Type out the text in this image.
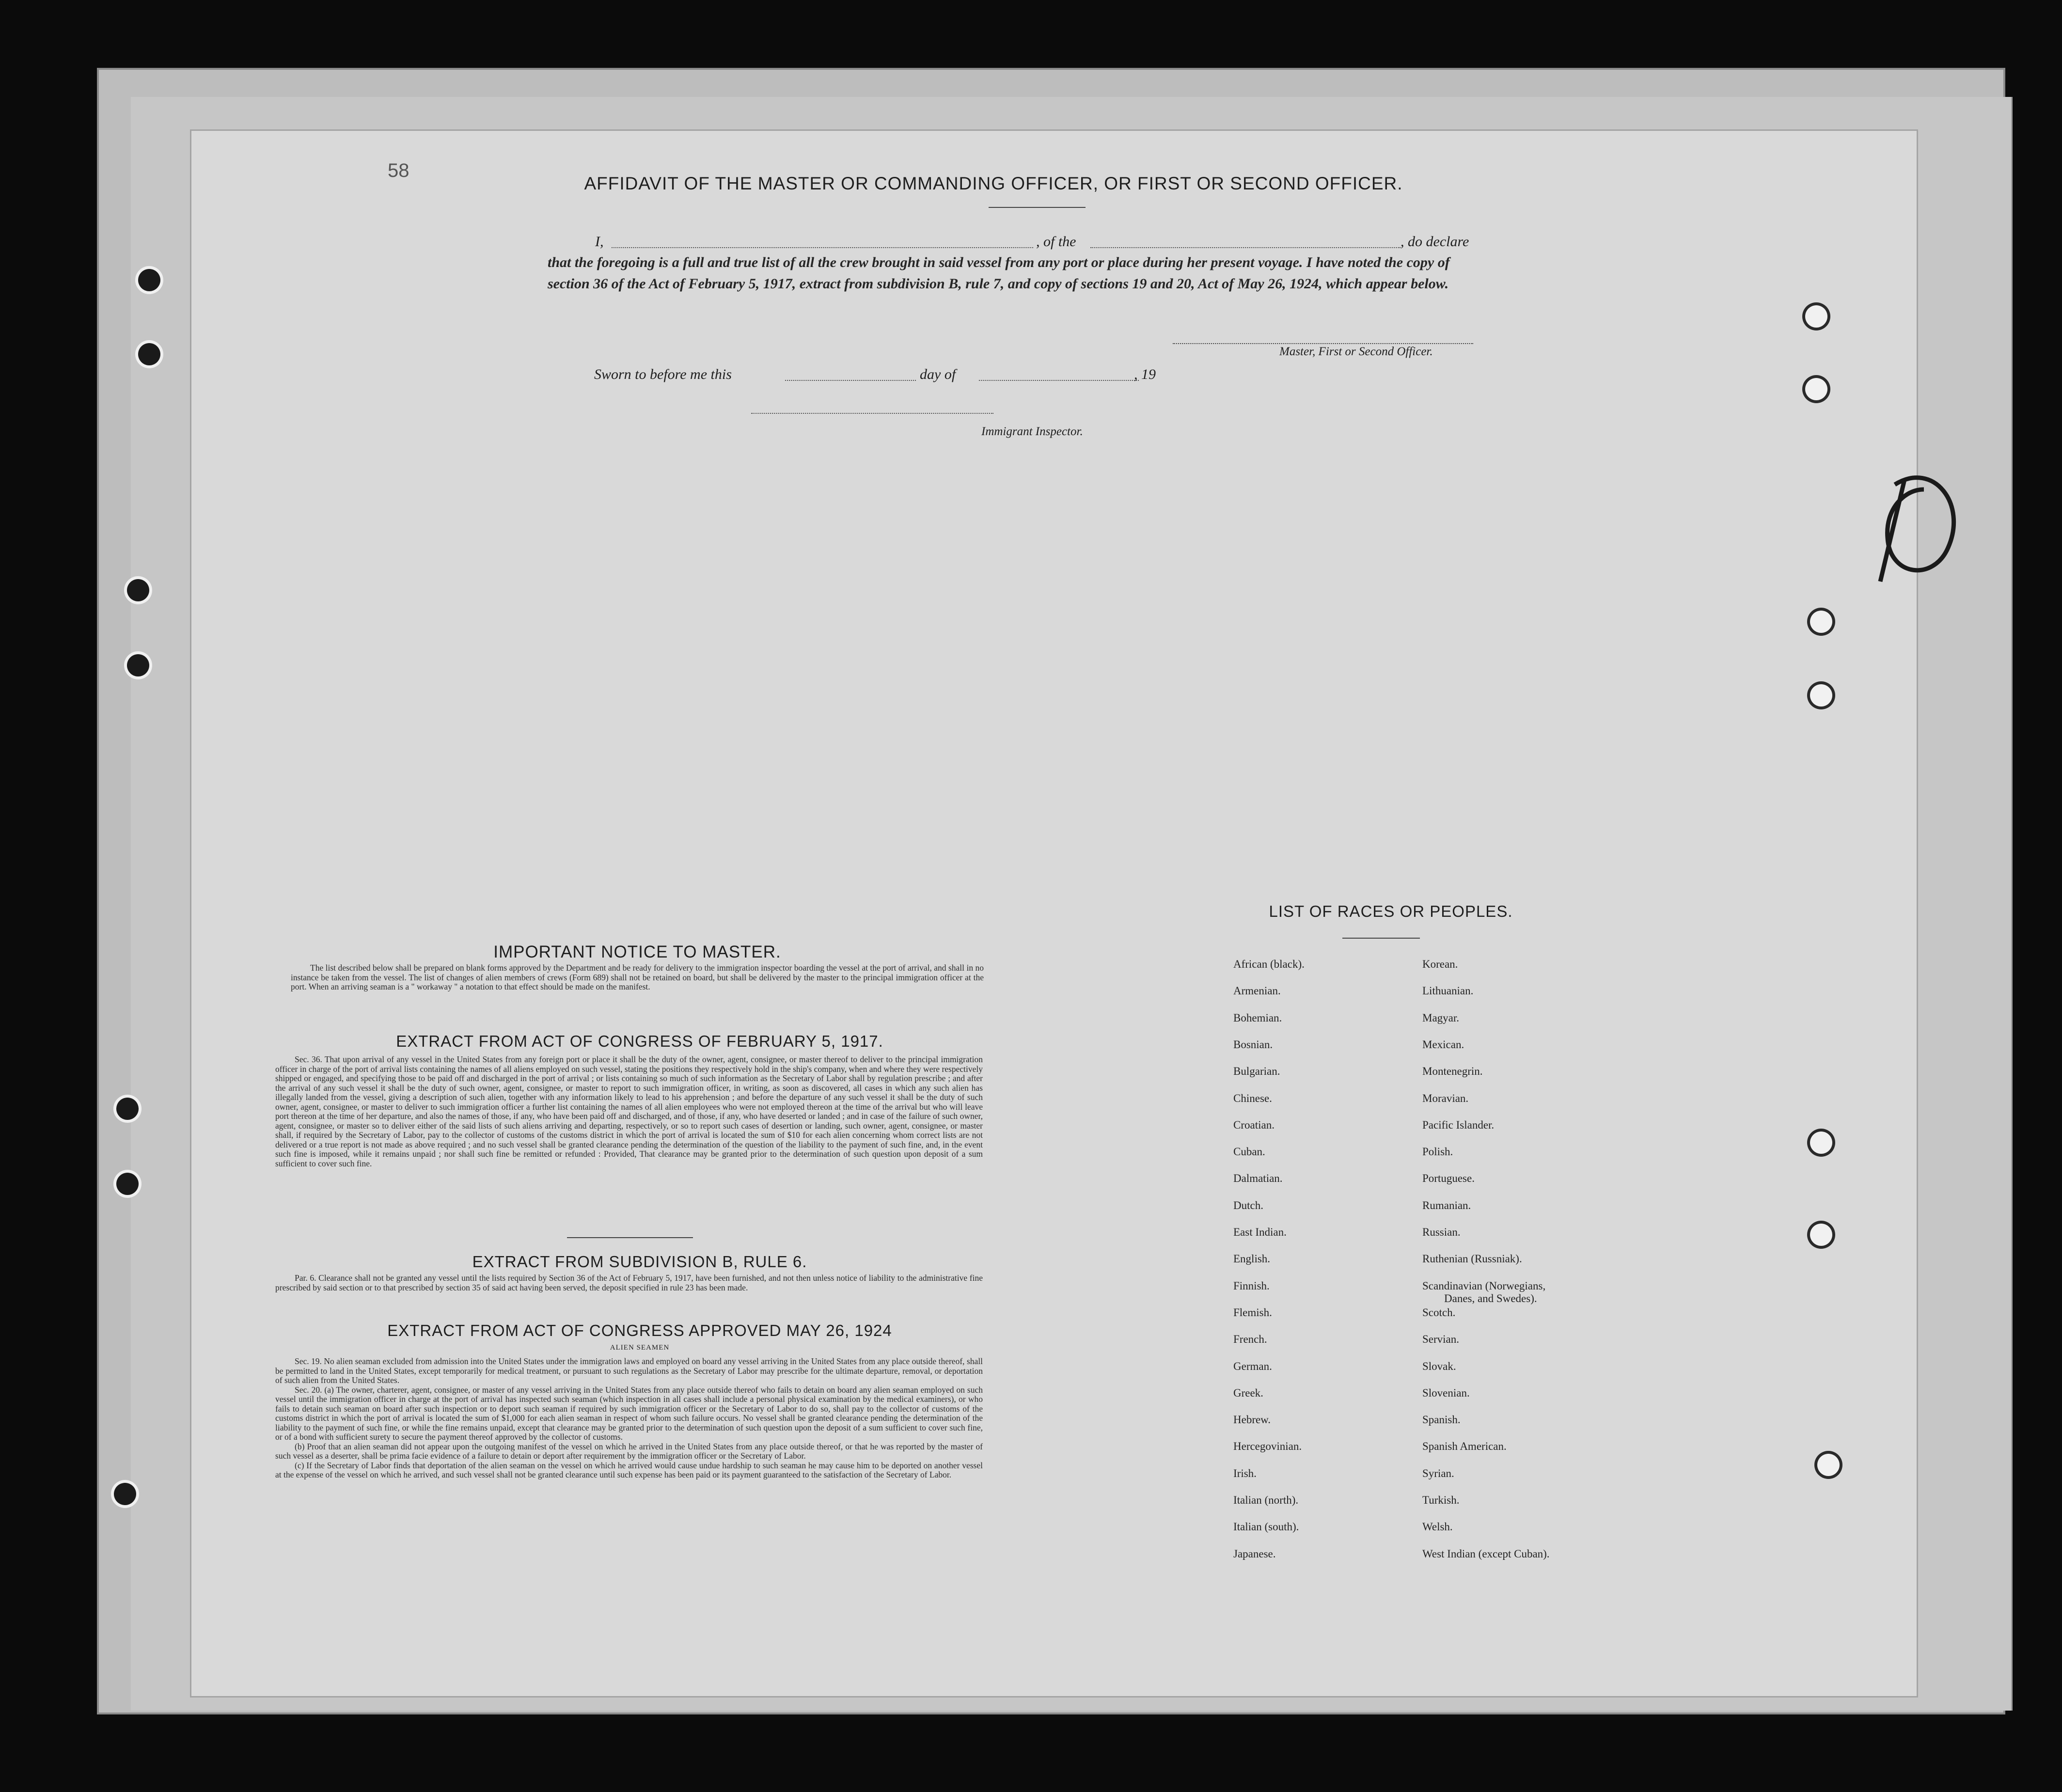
58
AFFIDAVIT OF THE MASTER OR COMMANDING OFFICER, OR FIRST OR SECOND OFFICER.
I,	, of the	, do declare
that the foregoing is a full and true list of all the crew brought in said vessel from any port or place during her present voyage. I have noted the copy of section 36 of the Act of February 5, 1917, extract from subdivision B, rule 7, and copy of sections 19 and 20, Act of May 26, 1924, which appear below.
Master, First or Second Officer.
Sworn to before me this	day of	, 19
Immigrant Inspector.
IMPORTANT NOTICE TO MASTER.

The list described below shall be prepared on blank forms approved by the Department and be ready for delivery to the immigration inspector boarding the vessel at the port of arrival, and shall in no instance be taken from the vessel. The list of changes of alien members of crews (Form 689) shall not be retained on board, but shall be delivered by the master to the principal immigration officer at the port. When an arriving seaman is a " workaway " a notation to that effect should be made on the manifest.

EXTRACT FROM ACT OF CONGRESS OF FEBRUARY 5, 1917.

Sec. 36. That upon arrival of any vessel in the United States from any foreign port or place it shall be the duty of the owner, agent, consignee, or master thereof to deliver to the principal immigration officer in charge of the port of arrival lists containing the names of all aliens employed on such vessel, stating the positions they respectively hold in the ship's company, when and where they were respectively shipped or engaged, and specifying those to be paid off and discharged in the port of arrival ; or lists containing so much of such information as the Secretary of Labor shall by regulation prescribe ; and after the arrival of any such vessel it shall be the duty of such owner, agent, consignee, or master to report to such immigration officer, in writing, as soon as discovered, all cases in which any such alien has illegally landed from the vessel, giving a description of such alien, together with any information likely to lead to his apprehension ; and before the departure of any such vessel it shall be the duty of such owner, agent, consignee, or master to deliver to such immigration officer a further list containing the names of all alien employees who were not employed thereon at the time of the arrival but who will leave port thereon at the time of her departure, and also the names of those, if any, who have been paid off and discharged, and of those, if any, who have deserted or landed ; and in case of the failure of such owner, agent, consignee, or master so to deliver either of the said lists of such aliens arriving and departing, respectively, or so to report such cases of desertion or landing, such owner, agent, consignee, or master shall, if required by the Secretary of Labor, pay to the collector of customs of the customs district in which the port of arrival is located the sum of $10 for each alien concerning whom correct lists are not delivered or a true report is not made as above required ; and no such vessel shall be granted clearance pending the determination of the question of the liability to the payment of such fine, and, in the event such fine is imposed, while it remains unpaid ; nor shall such fine be remitted or refunded : Provided, That clearance may be granted prior to the determination of such question upon deposit of a sum sufficient to cover such fine.

EXTRACT FROM SUBDIVISION B, RULE 6.

Par. 6. Clearance shall not be granted any vessel until the lists required by Section 36 of the Act of February 5, 1917, have been furnished, and not then unless notice of liability to the administrative fine prescribed by said section or to that prescribed by section 35 of said act having been served, the deposit specified in rule 23 has been made.

EXTRACT FROM ACT OF CONGRESS APPROVED MAY 26, 1924
ALIEN SEAMEN

Sec. 19. No alien seaman excluded from admission into the United States under the immigration laws and employed on board any vessel arriving in the United States from any place outside thereof, shall be permitted to land in the United States, except temporarily for medical treatment, or pursuant to such regulations as the Secretary of Labor may prescribe for the ultimate departure, removal, or deportation of such alien from the United States.

Sec. 20. (a) The owner, charterer, agent, consignee, or master of any vessel arriving in the United States from any place outside thereof who fails to detain on board any alien seaman employed on such vessel until the immigration officer in charge at the port of arrival has inspected such seaman (which inspection in all cases shall include a personal physical examination by the medical examiners), or who fails to detain such seaman on board after such inspection or to deport such seaman if required by such immigration officer or the Secretary of Labor to do so, shall pay to the collector of customs of the customs district in which the port of arrival is located the sum of $1,000 for each alien seaman in respect of whom such failure occurs. No vessel shall be granted clearance pending the determination of the liability to the payment of such fine, or while the fine remains unpaid, except that clearance may be granted prior to the determination of such question upon the deposit of a sum sufficient to cover such fine, or of a bond with sufficient surety to secure the payment thereof approved by the collector of customs.

(b) Proof that an alien seaman did not appear upon the outgoing manifest of the vessel on which he arrived in the United States from any place outside thereof, or that he was reported by the master of such vessel as a deserter, shall be prima facie evidence of a failure to detain or deport after requirement by the immigration officer or the Secretary of Labor.

(c) If the Secretary of Labor finds that deportation of the alien seaman on the vessel on which he arrived would cause undue hardship to such seaman he may cause him to be deported on another vessel at the expense of the vessel on which he arrived, and such vessel shall not be granted clearance until such expense has been paid or its payment guaranteed to the satisfaction of the Secretary of Labor.

LIST OF RACES OR PEOPLES.
African (black).
Armenian.
Bohemian.
Bosnian.
Bulgarian.
Chinese.
Croatian.
Cuban.
Dalmatian.
Dutch.
East Indian.
English.
Finnish.
Flemish.
French.
German.
Greek.
Hebrew.
Hercegovinian.
Irish.
Italian (north).
Italian (south).
Japanese.
Korean.
Lithuanian.
Magyar.
Mexican.
Montenegrin.
Moravian.
Pacific Islander.
Polish.
Portuguese.
Rumanian.
Russian.
Ruthenian (Russniak).
Scandinavian (Norwegians,
Danes, and Swedes).
Scotch.
Servian.
Slovak.
Slovenian.
Spanish.
Spanish American.
Syrian.
Turkish.
Welsh.
West Indian (except Cuban).
